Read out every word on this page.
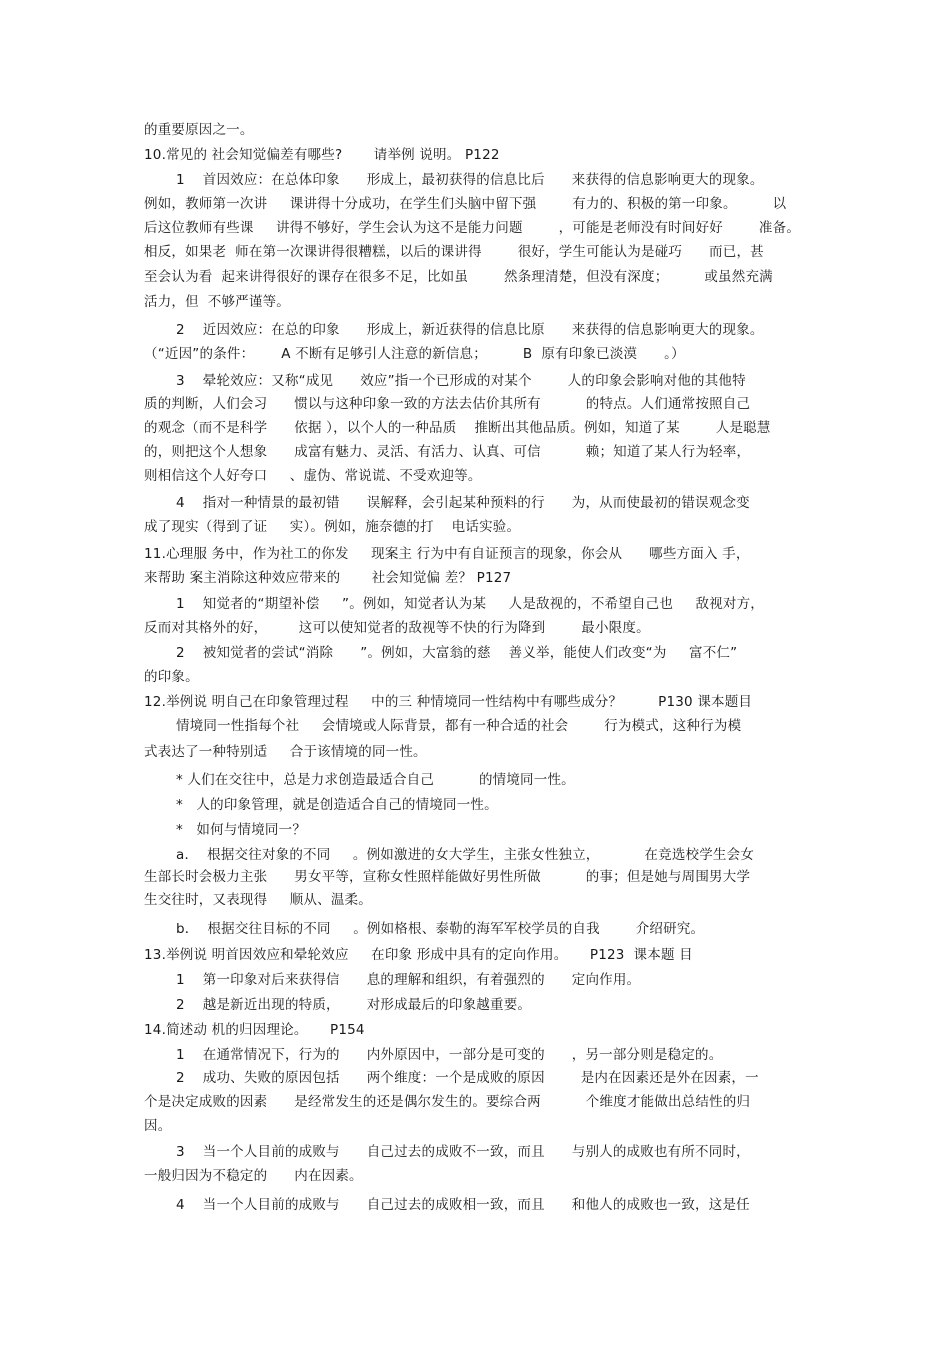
的重要原因之一。
10.常见的 社会知觉偏差有哪些?       请举例 说明。 P122
1    首因效应：在总体印象      形成上，最初获得的信息比后      来获得的信息影响更大的现象。
例如，教师第一次讲     课讲得十分成功，在学生们头脑中留下强        有力的、积极的第一印象。        以
后这位教师有些课     讲得不够好，学生会认为这不是能力问题        ，可能是老师没有时间好好        准备。
相反，如果老  师在第一次课讲得很糟糕，以后的课讲得        很好，学生可能认为是碰巧      而已，甚
至会认为看  起来讲得很好的课存在很多不足，比如虽        然条理清楚，但没有深度；        或虽然充满
活力，但  不够严谨等。
2    近因效应：在总的印象      形成上，新近获得的信息比原      来获得的信息影响更大的现象。
（“近因”的条件：      A 不断有足够引人注意的新信息；        B  原有印象已淡漠      。）
3    晕轮效应：又称“成见      效应”指一个已形成的对某个        人的印象会影响对他的其他特
质的判断，人们会习      惯以与这种印象一致的方法去估价其所有          的特点。人们通常按照自己
的观念（而不是科学      依据 ），以个人的一种品质    推断出其他品质。例如，知道了某        人是聪慧
的，则把这个人想象      成富有魅力、灵活、有活力、认真、可信          赖；知道了某人行为轻率，
则相信这个人好夸口     、虚伪、常说谎、不受欢迎等。
4    指对一种情景的最初错      误解释，会引起某种预料的行      为，从而使最初的错误观念变
成了现实（得到了证     实）。例如，施奈德的打    电话实验。
11.心理服 务中，作为社工的你发     现案主 行为中有自证预言的现象，你会从      哪些方面入 手，
来帮助 案主消除这种效应带来的       社会知觉偏 差？ P127
1    知觉者的“期望补偿     ”。例如，知觉者认为某     人是敌视的，不希望自己也     敌视对方，
反而对其格外的好，       这可以使知觉者的敌视等不快的行为降到        最小限度。
2    被知觉者的尝试“消除      ”。例如，大富翁的慈    善义举，能使人们改变“为     富不仁”
的印象。
12.举例说 明自己在印象管理过程     中的三 种情境同一性结构中有哪些成分？        P130 课本题目
情境同一性指每个社     会情境或人际背景，都有一种合适的社会        行为模式，这种行为模
式表达了一种特别适     合于该情境的同一性。
* 人们在交往中，总是力求创造最适合自己          的情境同一性。
*   人的印象管理，就是创造适合自己的情境同一性。
*   如何与情境同一？
a．  根据交往对象的不同     。例如激进的女大学生，主张女性独立，          在竞选校学生会女
生部长时会极力主张      男女平等，宣称女性照样能做好男性所做          的事；但是她与周围男大学
生交往时，又表现得     顺从、温柔。
b．  根据交往目标的不同     。例如格根、泰勒的海军军校学员的自我        介绍研究。
13.举例说 明首因效应和晕轮效应     在印象 形成中具有的定向作用。     P123  课本题 目
1    第一印象对后来获得信      息的理解和组织，有着强烈的      定向作用。
2    越是新近出现的特质，      对形成最后的印象越重要。
14.简述动 机的归因理论。     P154
1    在通常情况下，行为的      内外原因中，一部分是可变的      ，另一部分则是稳定的。
2    成功、失败的原因包括      两个维度：一个是成败的原因        是内在因素还是外在因素，一
个是决定成败的因素      是经常发生的还是偶尔发生的。要综合两          个维度才能做出总结性的归
因。
3    当一个人目前的成败与      自己过去的成败不一致，而且      与别人的成败也有所不同时，
一般归因为不稳定的      内在因素。
4    当一个人目前的成败与      自己过去的成败相一致，而且      和他人的成败也一致，这是任
